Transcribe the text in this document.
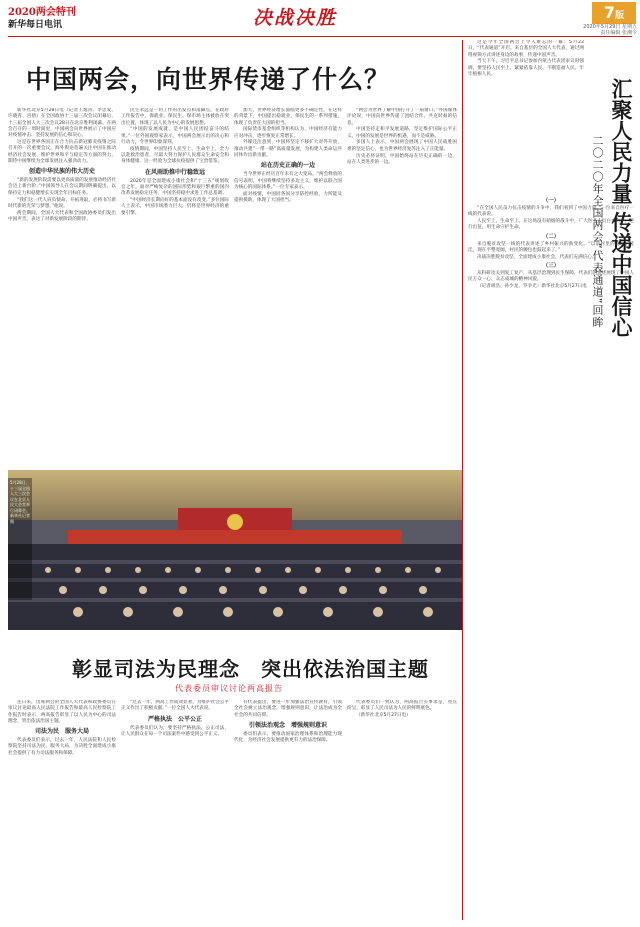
2020两会特刊
新华每日电讯	决战决胜	7版
2020年5月29日 星期五
责任编辑 张湘令
中国两会，向世界传递了什么？

新华社北京5月28日电（记者王逸涛、李忠发、许晓青、宫倩）在全国政协十三届三次会议闭幕后，十三届全国人大三次会议28日在北京胜利闭幕。在两会召开的一周时间里，中国两会向世界展示了中国应对疫情冲击、坚持发展的信心和决心。

这是在世界各国正在合力抗击新冠肺炎疫情之际召开的一次重要会议。海外舆论普遍关注中国在推动经济社会发展、维护世界和平与稳定等方面的努力，期待中国继续为全球发展注入强劲动力。

创造中华民族的伟大历史

“新的发展阶段需要以更高质量的发展推动经济社会迈上新台阶。”中国领导人在会议期间明确提出，以保持定力和稳健增长实现全年目标任务。

“我们这一代人肩负使命，开拓进取，必将书写新时代新的光荣与梦想。”他说。

两会期间，全国人大代表和全国政协委员们发出中国声音，表达了对新发展阶段的期待。

民生永远是一切工作的出发点和落脚点。在政府工作报告中，保就业、保民生、保市场主体被放在突出位置，体现了以人民为中心的发展思想。

“中国的发展成就，是中国人民团结奋斗的结果。”一位外国观察家表示，中国两会展示出的决心和行动力，令世界印象深刻。

疫情期间，中国坚持人民至上、生命至上，全力以赴救治患者，尽最大努力保护人民群众生命安全和身体健康。这一经验为全球抗疫提供了宝贵借鉴。

在风雨助推中行稳致远

2020年是全面建成小康社会和“十三五”规划收官之年。面对严峻复杂的国际形势和艰巨繁重的国内改革发展稳定任务，中国坚持稳中求进工作总基调。

“中国经济长期向好的基本面没有改变。”多位国际人士表示，中国市场潜力巨大，仍将是世界经济的重要引擎。

加大、世界经济增长面临更多不确定性。在这样的背景下，中国提出稳就业、保民生的一系列措施，体现了负责任大国的担当。

国际货币基金组织等机构认为，中国经济有能力应对冲击，逐步恢复正常增长。

外媒还注意到，中国将坚定不移扩大对外开放，推动共建“一带一路”高质量发展，为构建人类命运共同体作出新贡献。

站在历史正确的一边

当今世界正经历百年未有之大变局。“两会释放的信号表明，中国将继续坚持多边主义，维护以联合国为核心的国际体系。”一位专家表示。

面对疫情，中国同各国分享防控经验，力所能及提供援助，体现了大国担当。

“两会为世界了解中国打开了一扇窗口。”外国媒体评论说，中国向世界传递了团结合作、共克时艰的信息。

中国坚持走和平发展道路，坚定维护国际公平正义。中国的发展是世界的机遇，而不是威胁。

多国人士表示，中国两会展现了中国人民战胜困难的坚定信心，也为世界经济复苏注入了正能量。

历史必将证明，中国始终站在历史正确的一边，站在人类进步的一边。

5月28日，十三届全国人大三次会议在北京人民大会堂举行闭幕会。 新华社记者 摄
彰显司法为民理念　突出依法治国主题
代表委员审议讨论两高报告

连日来，出席两会的全国人大代表和政协委员在审议讨论最高人民法院工作报告和最高人民检察院工作报告时表示，两高报告彰显了以人民为中心的司法理念，突出依法治国主题。

司法为民　服务大局

代表委员们表示，过去一年，人民法院和人民检察院坚持司法为民，服务大局，为决胜全面建成小康社会提供了有力司法服务和保障。

“过去一年，两高工作成效显著，为维护社会公平正义作出了积极贡献。”一位全国人大代表说。

严格执法　公平公正

代表委员们认为，要坚持严格执法、公正司法，让人民群众在每一个司法案件中感受到公平正义。

有代表提出，要进一步加强法治宣传教育，引领全社会树立法治观念，增强规则意识，让法治成为全社会的共同信仰。

引领法治观念　增强规则意识

委员们表示，要推动国家治理体系和治理能力现代化，为经济社会发展提供更有力的法治保障。

代表委员们一致认为，两高报告实事求是，亮点纷呈，彰显了人民司法为人民的鲜明底色。

（新华社北京5月27日电）

汇聚人民力量 传递中国信心
二〇二〇年全国两会“代表通道”回眸

这是今年全国两会上令人难忘的一幕：5月22日，“代表通道”开启。来自基层的全国人大代表，通过网络视频方式讲述身边的故事，传递中国声音。

当天下午，习近平总书记参加内蒙古代表团审议时强调，要坚持人民至上、紧紧依靠人民、不断造福人民、牢牢植根人民。

（一）

“在全国人民奋力抗击疫情的斗争中，我们看到了中国力量。”一位来自医疗一线的代表说。

人民至上，生命至上。在这场没有硝烟的战斗中，广大医务人员白衣为甲、逆行出征，用生命守护生命。

（二）

来自脱贫攻坚一线的代表讲述了乡村振兴的新变化。“以前村里的路坑坑洼洼，现在平整宽阔，村民的腰包也鼓起来了。”

决战决胜脱贫攻坚，全面建成小康社会，代表们充满信心。

（三）

从科研攻关到复工复产，从基层治理到民生保障，代表们的讲述展现了中国人民万众一心、众志成城的精神风貌。

（记者胡浩、孙少龙、罗争光）新华社北京5月27日电
